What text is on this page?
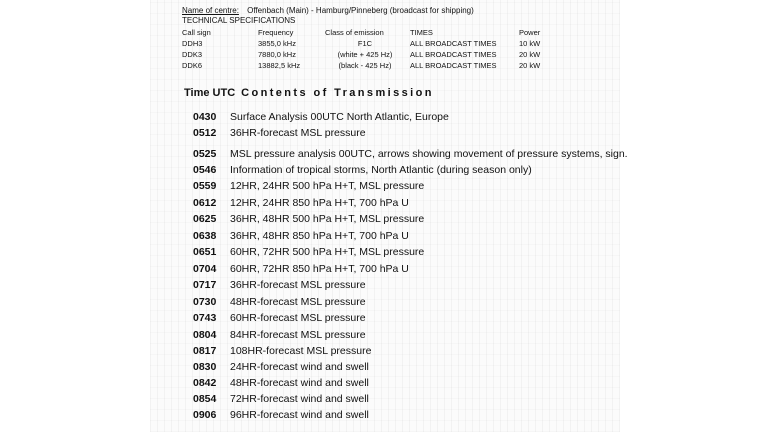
Name of centre: Offenbach (Main) - Hamburg/Pinneberg (broadcast for shipping)
TECHNICAL SPECIFICATIONS
Call sign	Frequency	Class of emission	TIMES	Power
DDH3	3855,0 kHz	F1C	ALL BROADCAST TIMES	10 kW
DDK3	7880,0 kHz	(white + 425 Hz)	ALL BROADCAST TIMES	20 kW
DDK6	13882,5 kHz	(black - 425 Hz)	ALL BROADCAST TIMES	20 kW
Time UTC Contents of Transmission
0430	Surface Analysis 00UTC North Atlantic, Europe
0512	36HR-forecast MSL pressure
0525	MSL pressure analysis 00UTC, arrows showing movement of pressure systems, sign.
0546	Information of tropical storms, North Atlantic (during season only)
0559	12HR, 24HR 500 hPa H+T, MSL pressure
0612	12HR, 24HR 850 hPa H+T, 700 hPa U
0625	36HR, 48HR 500 hPa H+T, MSL pressure
0638	36HR, 48HR 850 hPa H+T, 700 hPa U
0651	60HR, 72HR 500 hPa H+T, MSL pressure
0704	60HR, 72HR 850 hPa H+T, 700 hPa U
0717	36HR-forecast MSL pressure
0730	48HR-forecast MSL pressure
0743	60HR-forecast MSL pressure
0804	84HR-forecast MSL pressure
0817	108HR-forecast MSL pressure
0830	24HR-forecast wind and swell
0842	48HR-forecast wind and swell
0854	72HR-forecast wind and swell
0906	96HR-forecast wind and swell
